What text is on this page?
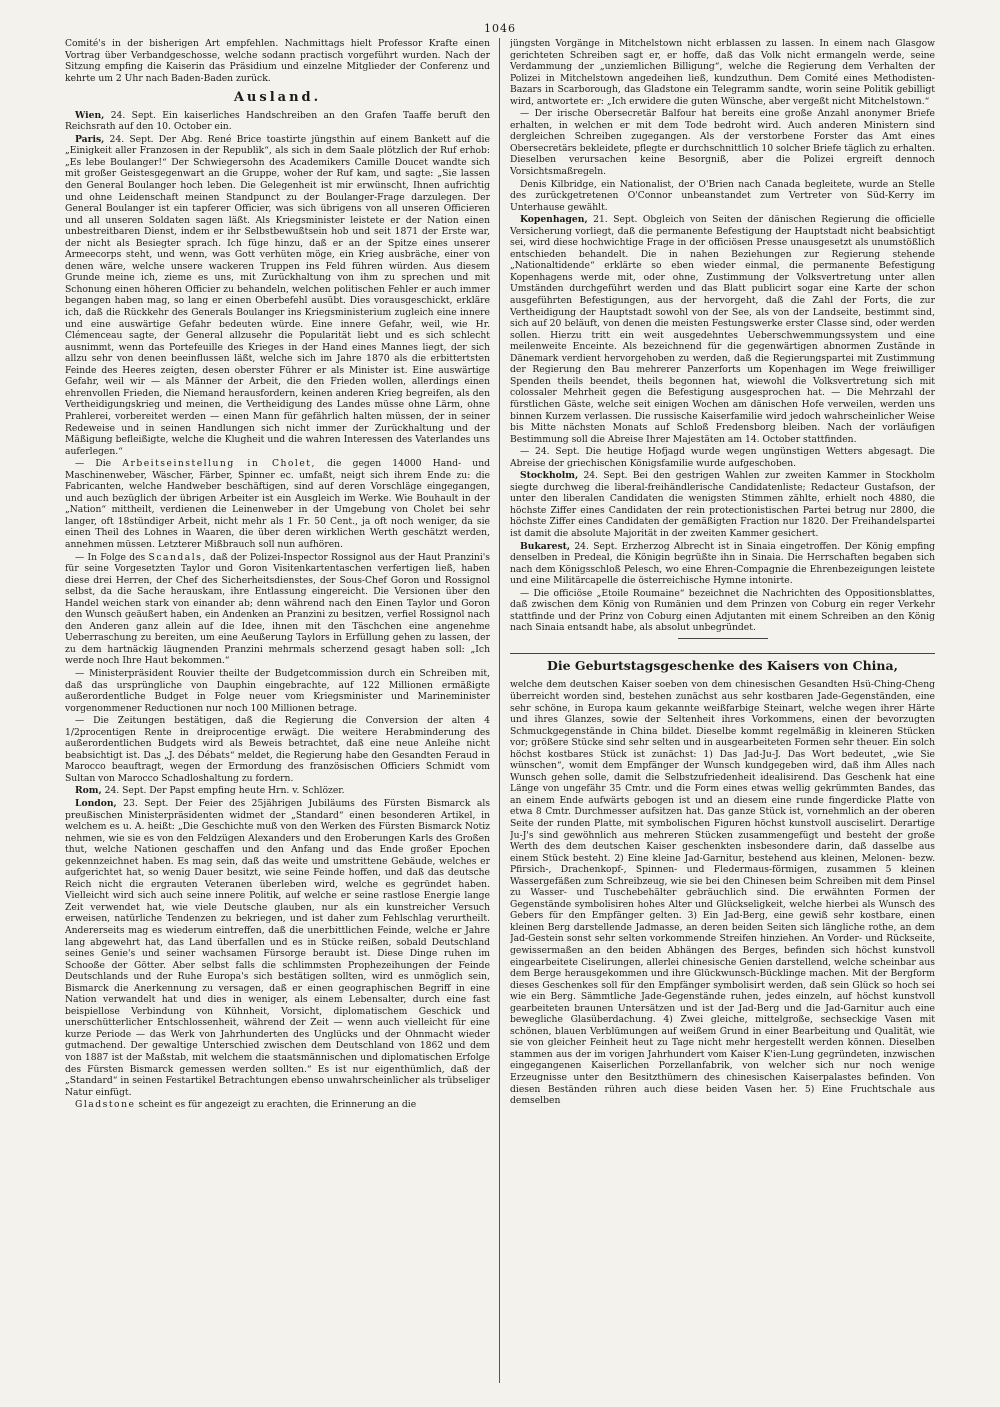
1046

Comité's in der bisherigen Art empfehlen. Nachmittags hielt Professor Krafte einen Vortrag über Verbandgeschosse, welche sodann practisch vorgeführt wurden. Nach der Sitzung empfing die Kaiserin das Präsidium und einzelne Mitglieder der Conferenz und kehrte um 2 Uhr nach Baden-Baden zurück.

Ausland.

Wien, 24. Sept. Ein kaiserliches Handschreiben an den Grafen Taaffe beruft den Reichsrath auf den 10. October ein.

Paris, 24. Sept. Der Abg. René Brice toastirte jüngsthin auf einem Bankett auf die „Einigkeit aller Franzosen in der Republik“, als sich in dem Saale plötzlich der Ruf erhob: „Es lebe Boulanger!“ Der Schwiegersohn des Academikers Camille Doucet wandte sich mit großer Geistesgegenwart an die Gruppe, woher der Ruf kam, und sagte: „Sie lassen den General Boulanger hoch leben. Die Gelegenheit ist mir erwünscht, Ihnen aufrichtig und ohne Leidenschaft meinen Standpunct zu der Boulanger-Frage darzulegen. Der General Boulanger ist ein tapferer Officier, was sich übrigens von all unseren Officieren und all unseren Soldaten sagen läßt. Als Kriegsminister leistete er der Nation einen unbestreitbaren Dienst, indem er ihr Selbstbewußtsein hob und seit 1871 der Erste war, der nicht als Besiegter sprach. Ich füge hinzu, daß er an der Spitze eines unserer Armeecorps steht, und wenn, was Gott verhüten möge, ein Krieg ausbräche, einer von denen wäre, welche unsere wackeren Truppen ins Feld führen würden. Aus diesem Grunde meine ich, zieme es uns, mit Zurückhaltung von ihm zu sprechen und mit Schonung einen höheren Officier zu behandeln, welchen politischen Fehler er auch immer begangen haben mag, so lang er einen Oberbefehl ausübt. Dies vorausgeschickt, erkläre ich, daß die Rückkehr des Generals Boulanger ins Kriegsministerium zugleich eine innere und eine auswärtige Gefahr bedeuten würde. Eine innere Gefahr, weil, wie Hr. Clémenceau sagte, der General allzusehr die Popularität liebt und es sich schlecht ausnimmt, wenn das Portefeuille des Krieges in der Hand eines Mannes liegt, der sich allzu sehr von denen beeinflussen läßt, welche sich im Jahre 1870 als die erbittertsten Feinde des Heeres zeigten, desen oberster Führer er als Minister ist. Eine auswärtige Gefahr, weil wir — als Männer der Arbeit, die den Frieden wollen, allerdings einen ehrenvollen Frieden, die Niemand herausfordern, keinen anderen Krieg begreifen, als den Vertheidigungskrieg und meinen, die Vertheidigung des Landes müsse ohne Lärm, ohne Prahlerei, vorbereitet werden — einen Mann für gefährlich halten müssen, der in seiner Redeweise und in seinen Handlungen sich nicht immer der Zurückhaltung und der Mäßigung befleißigte, welche die Klugheit und die wahren Interessen des Vaterlandes uns auferlegen.“

— Die Arbeitseinstellung in Cholet, die gegen 14000 Hand- und Maschinenweber, Wäscher, Färber, Spinner ec. umfaßt, neigt sich ihrem Ende zu: die Fabricanten, welche Handweber beschäftigen, sind auf deren Vorschläge eingegangen, und auch bezüglich der übrigen Arbeiter ist ein Ausgleich im Werke. Wie Bouhault in der „Nation“ mittheilt, verdienen die Leinenweber in der Umgebung von Cholet bei sehr langer, oft 18stündiger Arbeit, nicht mehr als 1 Fr. 50 Cent., ja oft noch weniger, da sie einen Theil des Lohnes in Waaren, die über deren wirklichen Werth geschätzt werden, annehmen müssen. Letzterer Mißbrauch soll nun aufhören.

— In Folge des Scandals, daß der Polizei-Inspector Rossignol aus der Haut Pranzini's für seine Vorgesetzten Taylor und Goron Visitenkartentaschen verfertigen ließ, haben diese drei Herren, der Chef des Sicherheitsdienstes, der Sous-Chef Goron und Rossignol selbst, da die Sache herauskam, ihre Entlassung eingereicht. Die Versionen über den Handel weichen stark von einander ab; denn während nach den Einen Taylor und Goron den Wunsch geäußert haben, ein Andenken an Pranzini zu besitzen, verfiel Rossignol nach den Anderen ganz allein auf die Idee, ihnen mit den Täschchen eine angenehme Ueberraschung zu bereiten, um eine Aeußerung Taylors in Erfüllung gehen zu lassen, der zu dem hartnäckig läugnenden Pranzini mehrmals scherzend gesagt haben soll: „Ich werde noch Ihre Haut bekommen.“

— Ministerpräsident Rouvier theilte der Budgetcommission durch ein Schreiben mit, daß das ursprüngliche von Dauphin eingebrachte, auf 122 Millionen ermäßigte außerordentliche Budget in Folge neuer vom Kriegsminister und Marineminister vorgenommener Reductionen nur noch 100 Millionen betrage.

— Die Zeitungen bestätigen, daß die Regierung die Conversion der alten 4 1/2procentigen Rente in dreiprocentige erwägt. Die weitere Herabminderung des außerordentlichen Budgets wird als Beweis betrachtet, daß eine neue Anleihe nicht beabsichtigt ist. Das „J. des Débats“ meldet, die Regierung habe den Gesandten Feraud in Marocco beauftragt, wegen der Ermordung des französischen Officiers Schmidt vom Sultan von Marocco Schadloshaltung zu fordern.

Rom, 24. Sept. Der Papst empfing heute Hrn. v. Schlözer.

London, 23. Sept. Der Feier des 25jährigen Jubiläums des Fürsten Bismarck als preußischen Ministerpräsidenten widmet der „Standard“ einen besonderen Artikel, in welchem es u. A. heißt: „Die Geschichte muß von den Werken des Fürsten Bismarck Notiz nehmen, wie sie es von den Feldzügen Alexanders und den Eroberungen Karls des Großen thut, welche Nationen geschaffen und den Anfang und das Ende großer Epochen gekennzeichnet haben. Es mag sein, daß das weite und umstrittene Gebäude, welches er aufgerichtet hat, so wenig Dauer besitzt, wie seine Feinde hoffen, und daß das deutsche Reich nicht die ergrauten Veteranen überleben wird, welche es gegründet haben. Vielleicht wird sich auch seine innere Politik, auf welche er seine rastlose Energie lange Zeit verwendet hat, wie viele Deutsche glauben, nur als ein kunstreicher Versuch erweisen, natürliche Tendenzen zu bekriegen, und ist daher zum Fehlschlag verurtheilt. Andererseits mag es wiederum eintreffen, daß die unerbittlichen Feinde, welche er Jahre lang abgewehrt hat, das Land überfallen und es in Stücke reißen, sobald Deutschland seines Genie's und seiner wachsamen Fürsorge beraubt ist. Diese Dinge ruhen im Schooße der Götter. Aber selbst falls die schlimmsten Prophezeihungen der Feinde Deutschlands und der Ruhe Europa's sich bestätigen sollten, wird es unmöglich sein, Bismarck die Anerkennung zu versagen, daß er einen geographischen Begriff in eine Nation verwandelt hat und dies in weniger, als einem Lebensalter, durch eine fast beispiellose Verbindung von Kühnheit, Vorsicht, diplomatischem Geschick und unerschütterlicher Entschlossenheit, während der Zeit — wenn auch vielleicht für eine kurze Periode — das Werk von Jahrhunderten des Unglücks und der Ohnmacht wieder gutmachend. Der gewaltige Unterschied zwischen dem Deutschland von 1862 und dem von 1887 ist der Maßstab, mit welchem die staatsmännischen und diplomatischen Erfolge des Fürsten Bismarck gemessen werden sollten.“ Es ist nur eigenthümlich, daß der „Standard“ in seinen Festartikel Betrachtungen ebenso unwahrscheinlicher als trübseliger Natur einfügt.

Gladstone scheint es für angezeigt zu erachten, die Erinnerung an die

jüngsten Vorgänge in Mitchelstown nicht erblassen zu lassen. In einem nach Glasgow gerichteten Schreiben sagt er, er hoffe, daß das Volk nicht ermangeln werde, seine Verdammung der „unziemlichen Billigung“, welche die Regierung dem Verhalten der Polizei in Mitchelstown angedeihen ließ, kundzuthun. Dem Comité eines Methodisten-Bazars in Scarborough, das Gladstone ein Telegramm sandte, worin seine Politik gebilligt wird, antwortete er: „Ich erwidere die guten Wünsche, aber vergeßt nicht Mitchelstown.“

— Der irische Obersecretär Balfour hat bereits eine große Anzahl anonymer Briefe erhalten, in welchen er mit dem Tode bedroht wird. Auch anderen Ministern sind dergleichen Schreiben zugegangen. Als der verstorbene Forster das Amt eines Obersecretärs bekleidete, pflegte er durchschnittlich 10 solcher Briefe täglich zu erhalten. Dieselben verursachen keine Besorgniß, aber die Polizei ergreift dennoch Vorsichtsmaßregeln.

Denis Kilbridge, ein Nationalist, der O'Brien nach Canada begleitete, wurde an Stelle des zurückgetretenen O'Connor unbeanstandet zum Vertreter von Süd-Kerry im Unterhause gewählt.

Kopenhagen, 21. Sept. Obgleich von Seiten der dänischen Regierung die officielle Versicherung vorliegt, daß die permanente Befestigung der Hauptstadt nicht beabsichtigt sei, wird diese hochwichtige Frage in der officiösen Presse unausgesetzt als unumstößlich entschieden behandelt. Die in nahen Beziehungen zur Regierung stehende „Nationaltidende“ erklärte so eben wieder einmal, die permanente Befestigung Kopenhagens werde mit, oder ohne, Zustimmung der Volksvertretung unter allen Umständen durchgeführt werden und das Blatt publicirt sogar eine Karte der schon ausgeführten Befestigungen, aus der hervorgeht, daß die Zahl der Forts, die zur Vertheidigung der Hauptstadt sowohl von der See, als von der Landseite, bestimmt sind, sich auf 20 beläuft, von denen die meisten Festungswerke erster Classe sind, oder werden sollen. Hierzu tritt ein weit ausgedehntes Ueberschwemmungssystem und eine meilenweite Enceinte. Als bezeichnend für die gegenwärtigen abnormen Zustände in Dänemark verdient hervorgehoben zu werden, daß die Regierungspartei mit Zustimmung der Regierung den Bau mehrerer Panzerforts um Kopenhagen im Wege freiwilliger Spenden theils beendet, theils begonnen hat, wiewohl die Volksvertretung sich mit colossaler Mehrheit gegen die Befestigung ausgesprochen hat. — Die Mehrzahl der fürstlichen Gäste, welche seit einigen Wochen am dänischen Hofe verweilen, werden uns binnen Kurzem verlassen. Die russische Kaiserfamilie wird jedoch wahrscheinlicher Weise bis Mitte nächsten Monats auf Schloß Fredensborg bleiben. Nach der vorläufigen Bestimmung soll die Abreise Ihrer Majestäten am 14. October stattfinden.

— 24. Sept. Die heutige Hofjagd wurde wegen ungünstigen Wetters abgesagt. Die Abreise der griechischen Königsfamilie wurde aufgeschoben.

Stockholm, 24. Sept. Bei den gestrigen Wahlen zur zweiten Kammer in Stockholm siegte durchweg die liberal-freihändlerische Candidatenliste; Redacteur Gustafson, der unter den liberalen Candidaten die wenigsten Stimmen zählte, erhielt noch 4880, die höchste Ziffer eines Candidaten der rein protectionistischen Partei betrug nur 2800, die höchste Ziffer eines Candidaten der gemäßigten Fraction nur 1820. Der Freihandelspartei ist damit die absolute Majorität in der zweiten Kammer gesichert.

Bukarest, 24. Sept. Erzherzog Albrecht ist in Sinaia eingetroffen. Der König empfing denselben in Predeal, die Königin begrüßte ihn in Sinaia. Die Herrschaften begaben sich nach dem Königsschloß Pelesch, wo eine Ehren-Compagnie die Ehrenbezeigungen leistete und eine Militärcapelle die österreichische Hymne intonirte.

— Die officiöse „Etoile Roumaine“ bezeichnet die Nachrichten des Oppositionsblattes, daß zwischen dem König von Rumänien und dem Prinzen von Coburg ein reger Verkehr stattfinde und der Prinz von Coburg einen Adjutanten mit einem Schreiben an den König nach Sinaia entsandt habe, als absolut unbegründet.

Die Geburtstagsgeschenke des Kaisers von China,

welche dem deutschen Kaiser soeben von dem chinesischen Gesandten Hsü-Ching-Cheng überreicht worden sind, bestehen zunächst aus sehr kostbaren Jade-Gegenständen, eine sehr schöne, in Europa kaum gekannte weißfarbige Steinart, welche wegen ihrer Härte und ihres Glanzes, sowie der Seltenheit ihres Vorkommens, einen der bevorzugten Schmuckgegenstände in China bildet. Dieselbe kommt regelmäßig in kleineren Stücken vor; größere Stücke sind sehr selten und in ausgearbeiteten Formen sehr theuer. Ein solch höchst kostbares Stück ist zunächst: 1) Das Jad-Ju-J. Das Wort bedeutet, „wie Sie wünschen“, womit dem Empfänger der Wunsch kundgegeben wird, daß ihm Alles nach Wunsch gehen solle, damit die Selbstzufriedenheit idealisirend. Das Geschenk hat eine Länge von ungefähr 35 Cmtr. und die Form eines etwas wellig gekrümmten Bandes, das an einem Ende aufwärts gebogen ist und an diesem eine runde fingerdicke Platte von etwa 8 Cmtr. Durchmesser aufsitzen hat. Das ganze Stück ist, vornehmlich an der oberen Seite der runden Platte, mit symbolischen Figuren höchst kunstvoll ausciselirt. Derartige Ju-J's sind gewöhnlich aus mehreren Stücken zusammengefügt und besteht der große Werth des dem deutschen Kaiser geschenkten insbesondere darin, daß dasselbe aus einem Stück besteht. 2) Eine kleine Jad-Garnitur, bestehend aus kleinen, Melonen- bezw. Pfirsich-, Drachenkopf-, Spinnen- und Fledermaus-förmigen, zusammen 5 kleinen Wassergefäßen zum Schreibzeug, wie sie bei den Chinesen beim Schreiben mit dem Pinsel zu Wasser- und Tuschebehälter gebräuchlich sind. Die erwähnten Formen der Gegenstände symbolisiren hohes Alter und Glückseligkeit, welche hierbei als Wunsch des Gebers für den Empfänger gelten. 3) Ein Jad-Berg, eine gewiß sehr kostbare, einen kleinen Berg darstellende Jadmasse, an deren beiden Seiten sich längliche rothe, an dem Jad-Gestein sonst sehr selten vorkommende Streifen hinziehen. An Vorder- und Rückseite, gewissermaßen an den beiden Abhängen des Berges, befinden sich höchst kunstvoll eingearbeitete Ciselirungen, allerlei chinesische Genien darstellend, welche scheinbar aus dem Berge herausgekommen und ihre Glückwunsch-Bücklinge machen. Mit der Bergform dieses Geschenkes soll für den Empfänger symbolisirt werden, daß sein Glück so hoch sei wie ein Berg. Sämmtliche Jade-Gegenstände ruhen, jedes einzeln, auf höchst kunstvoll gearbeiteten braunen Untersätzen und ist der Jad-Berg und die Jad-Garnitur auch eine bewegliche Glasüberdachung. 4) Zwei gleiche, mittelgroße, sechseckige Vasen mit schönen, blauen Verblümungen auf weißem Grund in einer Bearbeitung und Qualität, wie sie von gleicher Feinheit heut zu Tage nicht mehr hergestellt werden können. Dieselben stammen aus der im vorigen Jahrhundert vom Kaiser K'ien-Lung gegründeten, inzwischen eingegangenen Kaiserlichen Porzellanfabrik, von welcher sich nur noch wenige Erzeugnisse unter den Besitzthümern des chinesischen Kaiserpalastes befinden. Von diesen Beständen rühren auch diese beiden Vasen her. 5) Eine Fruchtschale aus demselben
